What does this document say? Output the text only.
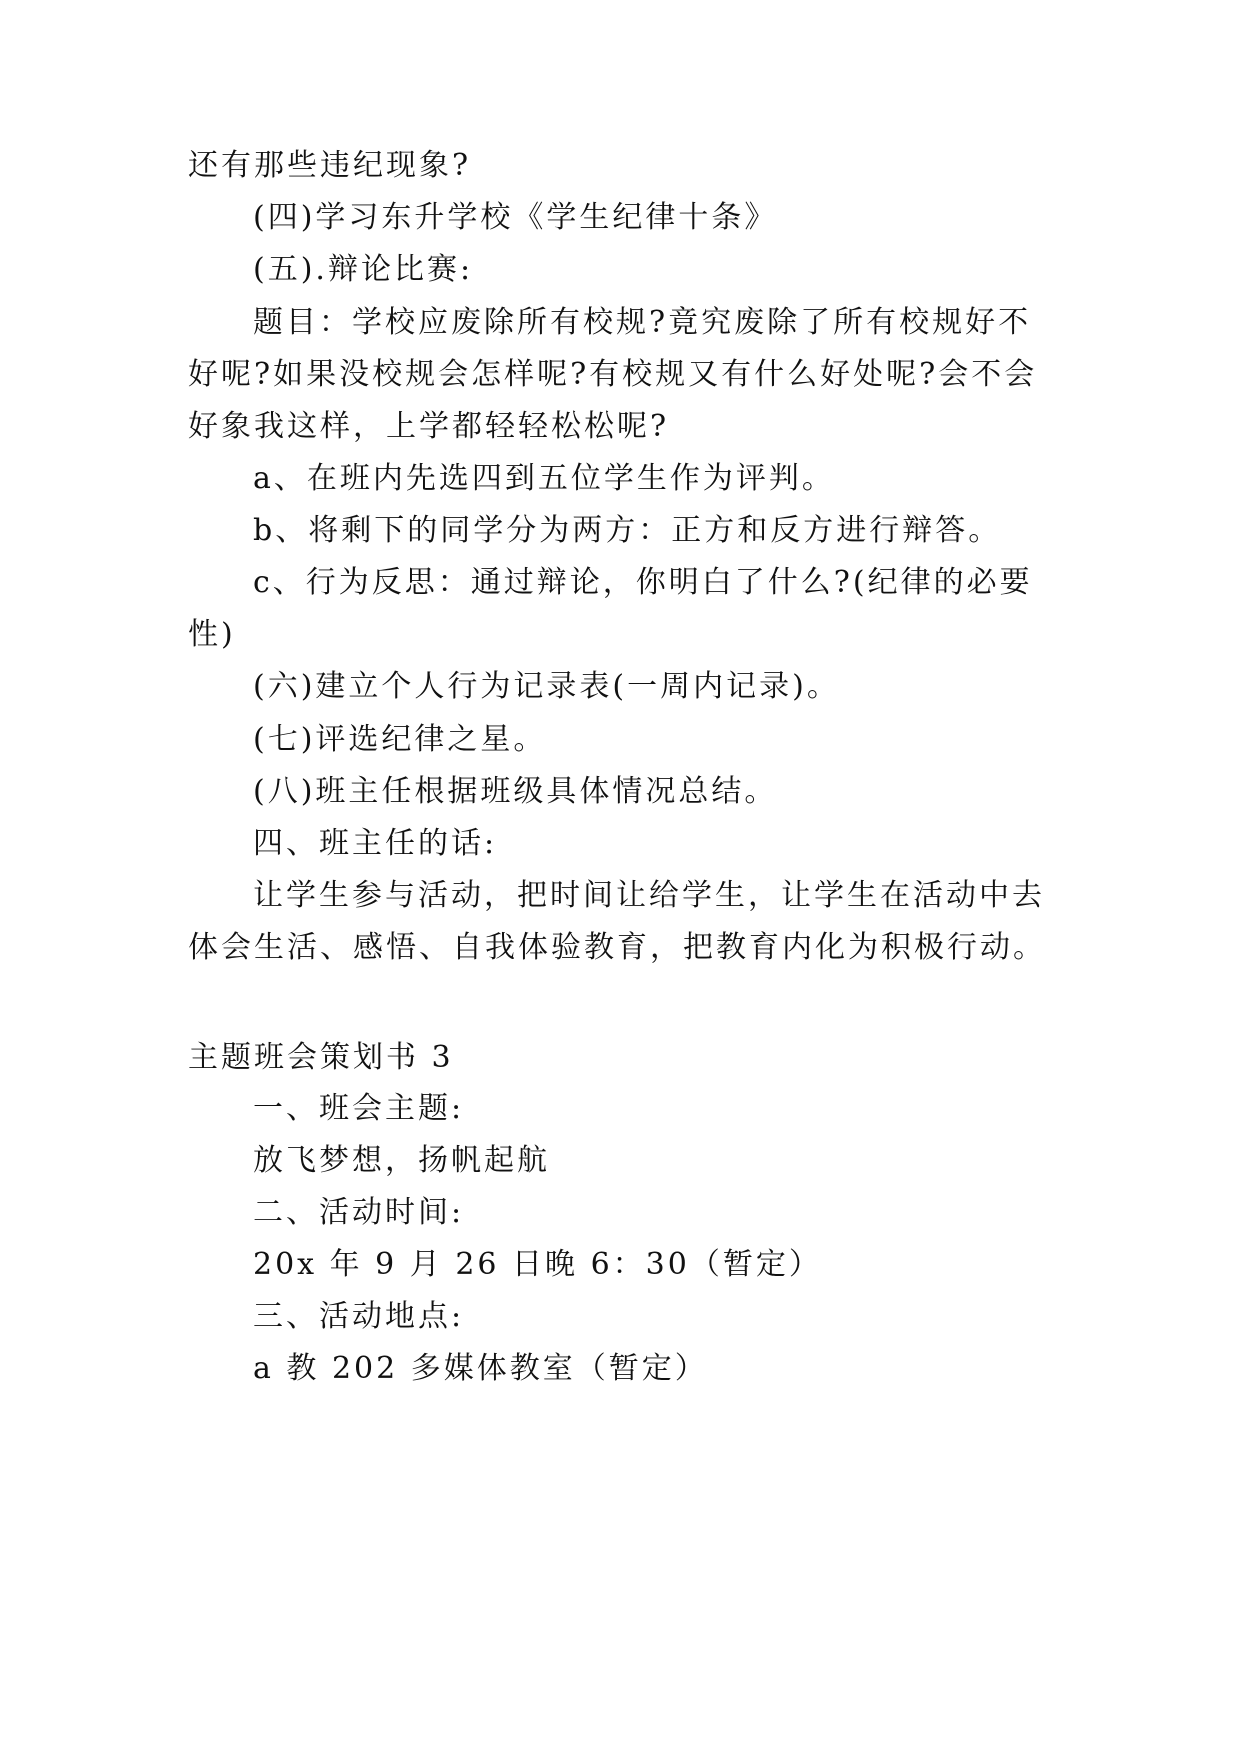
还有那些违纪现象?
(四)学习东升学校《学生纪律十条》
(五).辩论比赛:
题目：学校应废除所有校规?竟究废除了所有校规好不
好呢?如果没校规会怎样呢?有校规又有什么好处呢?会不会
好象我这样，上学都轻轻松松呢?
a、在班内先选四到五位学生作为评判。
b、将剩下的同学分为两方：正方和反方进行辩答。
c、行为反思：通过辩论，你明白了什么?(纪律的必要
性)
(六)建立个人行为记录表(一周内记录)。
(七)评选纪律之星。
(八)班主任根据班级具体情况总结。
四、班主任的话:
让学生参与活动，把时间让给学生，让学生在活动中去
体会生活、感悟、自我体验教育，把教育内化为积极行动。
主题班会策划书 3
一、班会主题:
放飞梦想，扬帆起航
二、活动时间:
20x 年 9 月 26 日晚 6：30（暂定）
三、活动地点:
a 教 202 多媒体教室（暂定）
